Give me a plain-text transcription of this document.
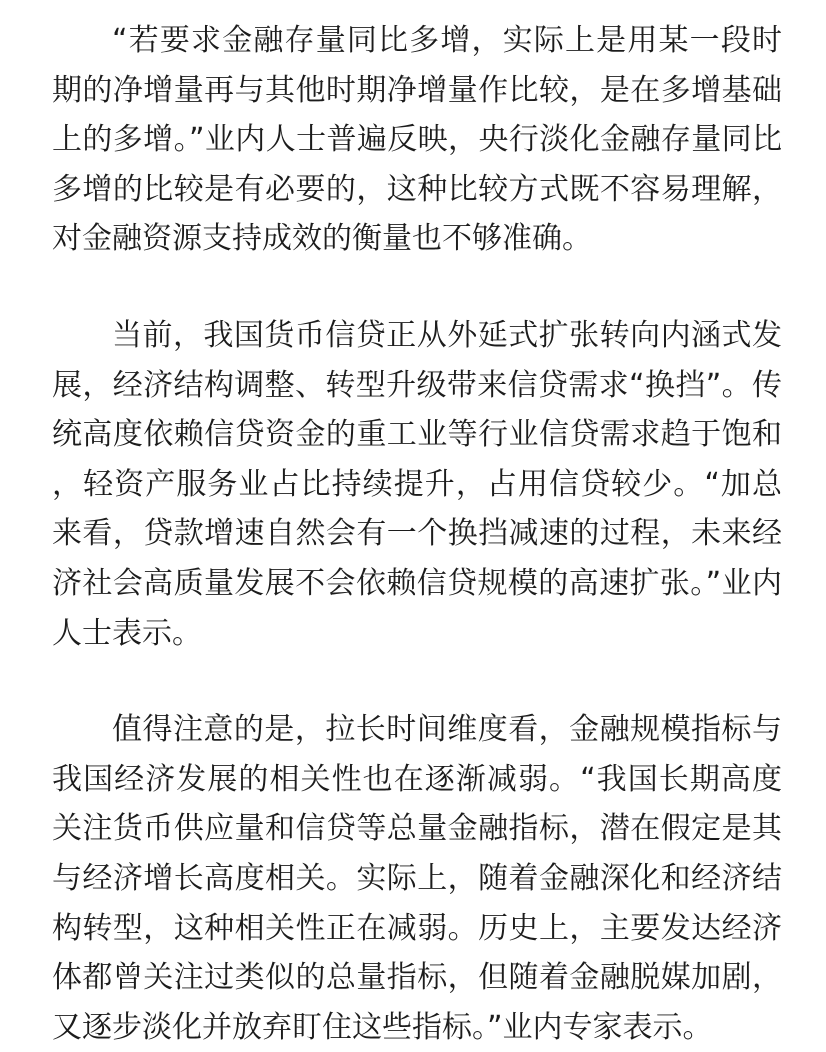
“若要求金融存量同比多增，实际上是用某一段时期的净增量再与其他时期净增量作比较，是在多增基础上的多增。”业内人士普遍反映，央行淡化金融存量同比多增的比较是有必要的，这种比较方式既不容易理解，对金融资源支持成效的衡量也不够准确。

当前，我国货币信贷正从外延式扩张转向内涵式发展，经济结构调整、转型升级带来信贷需求“换挡”。传统高度依赖信贷资金的重工业等行业信贷需求趋于饱和，轻资产服务业占比持续提升，占用信贷较少。“加总来看，贷款增速自然会有一个换挡减速的过程，未来经济社会高质量发展不会依赖信贷规模的高速扩张。”业内人士表示。

值得注意的是，拉长时间维度看，金融规模指标与我国经济发展的相关性也在逐渐减弱。“我国长期高度关注货币供应量和信贷等总量金融指标，潜在假定是其与经济增长高度相关。实际上，随着金融深化和经济结构转型，这种相关性正在减弱。历史上，主要发达经济体都曾关注过类似的总量指标，但随着金融脱媒加剧，又逐步淡化并放弃盯住这些指标。”业内专家表示。
